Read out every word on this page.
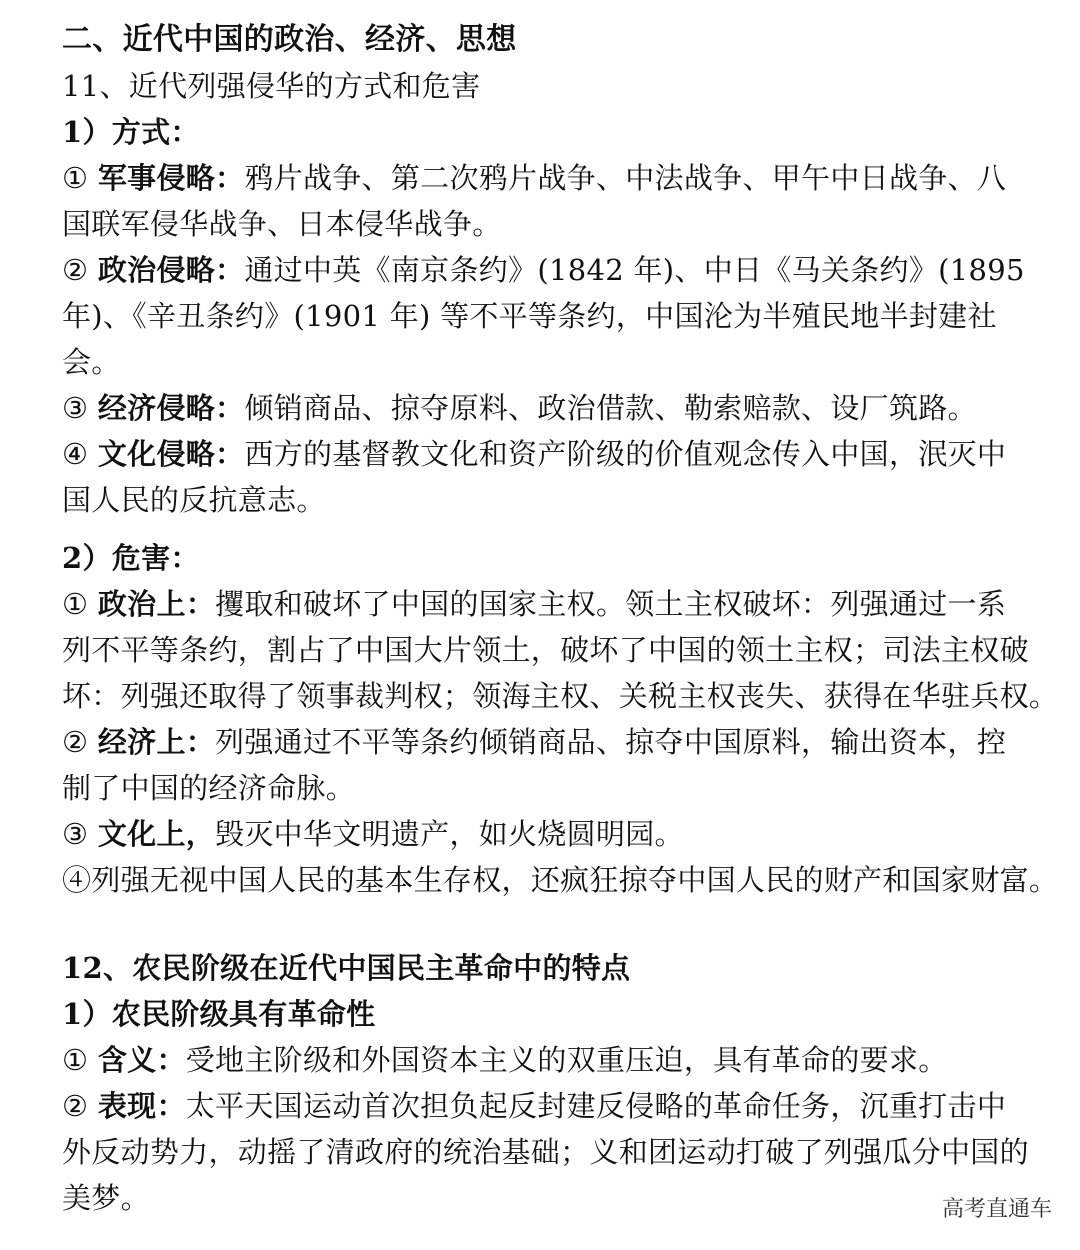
二、近代中国的政治、经济、思想
11、近代列强侵华的方式和危害
1）方式：
① 军事侵略：鸦片战争、第二次鸦片战争、中法战争、甲午中日战争、八
国联军侵华战争、日本侵华战争。
② 政治侵略：通过中英《南京条约》(1842 年)、中日《马关条约》(1895
年)、《辛丑条约》(1901 年) 等不平等条约，中国沦为半殖民地半封建社
会。
③ 经济侵略：倾销商品、掠夺原料、政治借款、勒索赔款、设厂筑路。
④ 文化侵略：西方的基督教文化和资产阶级的价值观念传入中国，泯灭中
国人民的反抗意志。
2）危害：
① 政治上：攫取和破坏了中国的国家主权。领土主权破坏：列强通过一系
列不平等条约，割占了中国大片领土，破坏了中国的领土主权；司法主权破
坏：列强还取得了领事裁判权；领海主权、关税主权丧失、获得在华驻兵权。
② 经济上：列强通过不平等条约倾销商品、掠夺中国原料，输出资本，控
制了中国的经济命脉。
③ 文化上，毁灭中华文明遗产，如火烧圆明园。
④列强无视中国人民的基本生存权，还疯狂掠夺中国人民的财产和国家财富。
12、农民阶级在近代中国民主革命中的特点
1）农民阶级具有革命性
① 含义：受地主阶级和外国资本主义的双重压迫，具有革命的要求。
② 表现：太平天国运动首次担负起反封建反侵略的革命任务，沉重打击中
外反动势力，动摇了清政府的统治基础；义和团运动打破了列强瓜分中国的
美梦。	高考直通车
